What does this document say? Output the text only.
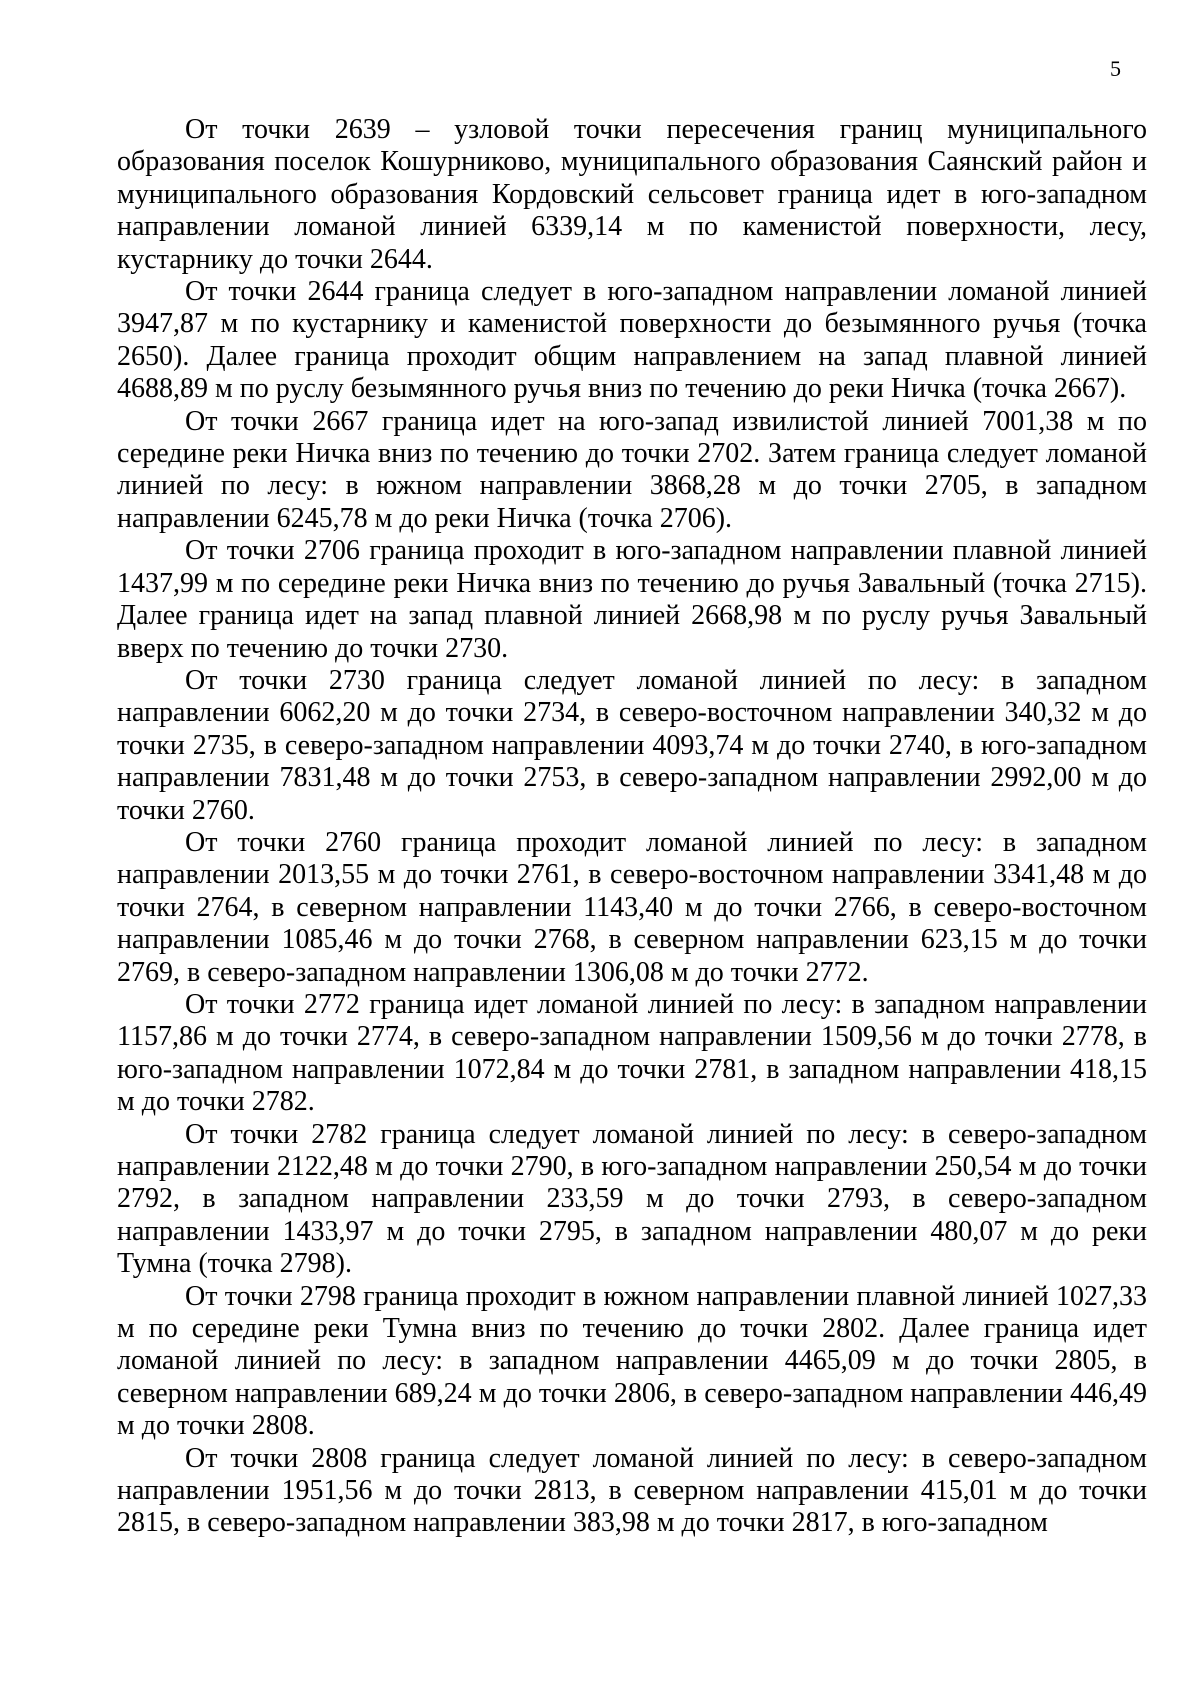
5

От точки 2639 – узловой точки пересечения границ муниципального образования поселок Кошурниково, муниципального образования Саянский район и муниципального образования Кордовский сельсовет граница идет в юго-западном направлении ломаной линией 6339,14 м по каменистой поверхности, лесу, кустарнику до точки 2644.

От точки 2644 граница следует в юго-западном направлении ломаной линией 3947,87 м по кустарнику и каменистой поверхности до безымянного ручья (точка 2650). Далее граница проходит общим направлением на запад плавной линией 4688,89 м по руслу безымянного ручья вниз по течению до реки Ничка (точка 2667).

От точки 2667 граница идет на юго-запад извилистой линией 7001,38 м по середине реки Ничка вниз по течению до точки 2702. Затем граница следует ломаной линией по лесу: в южном направлении 3868,28 м до точки 2705, в западном направлении 6245,78 м до реки Ничка (точка 2706).

От точки 2706 граница проходит в юго-западном направлении плавной линией 1437,99 м по середине реки Ничка вниз по течению до ручья Завальный (точка 2715). Далее граница идет на запад плавной линией 2668,98 м по руслу ручья Завальный вверх по течению до точки 2730.

От точки 2730 граница следует ломаной линией по лесу: в западном направлении 6062,20 м до точки 2734, в северо-восточном направлении 340,32 м до точки 2735, в северо-западном направлении 4093,74 м до точки 2740, в юго-западном направлении 7831,48 м до точки 2753, в северо-западном направлении 2992,00 м до точки 2760.

От точки 2760 граница проходит ломаной линией по лесу: в западном направлении 2013,55 м до точки 2761, в северо-восточном направлении 3341,48 м до точки 2764, в северном направлении 1143,40 м до точки 2766, в северо-восточном направлении 1085,46 м до точки 2768, в северном направлении 623,15 м до точки 2769, в северо-западном направлении 1306,08 м до точки 2772.

От точки 2772 граница идет ломаной линией по лесу: в западном направлении 1157,86 м до точки 2774, в северо-западном направлении 1509,56 м до точки 2778, в юго-западном направлении 1072,84 м до точки 2781, в западном направлении 418,15 м до точки 2782.

От точки 2782 граница следует ломаной линией по лесу: в северо-западном направлении 2122,48 м до точки 2790, в юго-западном направлении 250,54 м до точки 2792, в западном направлении 233,59 м до точки 2793, в северо-западном направлении 1433,97 м до точки 2795, в западном направлении 480,07 м до реки Тумна (точка 2798).

От точки 2798 граница проходит в южном направлении плавной линией 1027,33 м по середине реки Тумна вниз по течению до точки 2802. Далее граница идет ломаной линией по лесу: в западном направлении 4465,09 м до точки 2805, в северном направлении 689,24 м до точки 2806, в северо-западном направлении 446,49 м до точки 2808.

От точки 2808 граница следует ломаной линией по лесу: в северо-западном направлении 1951,56 м до точки 2813, в северном направлении 415,01 м до точки 2815, в северо-западном направлении 383,98 м до точки 2817, в юго-западном
